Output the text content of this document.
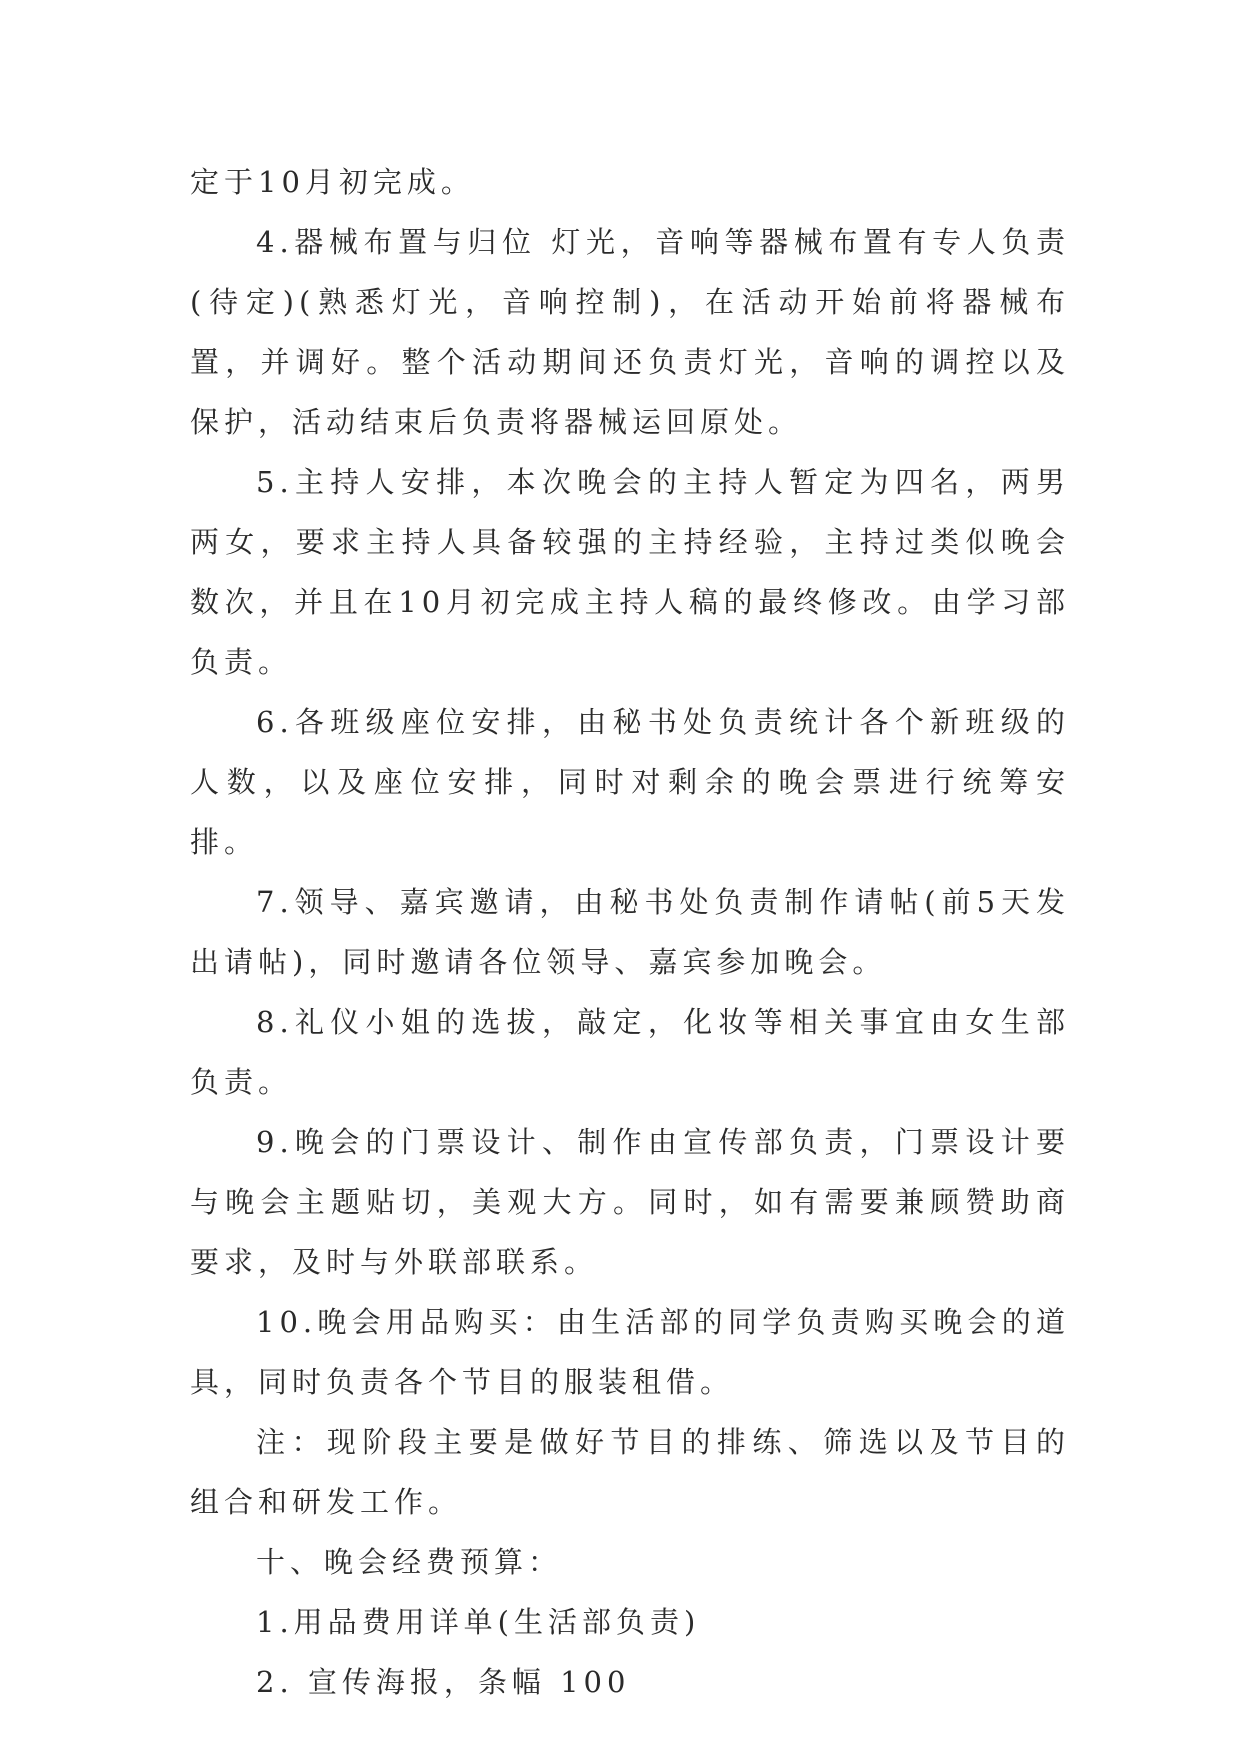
定于10月初完成。

4.器械布置与归位 灯光，音响等器械布置有专人负责(待定)(熟悉灯光，音响控制)，在活动开始前将器械布置，并调好。整个活动期间还负责灯光，音响的调控以及保护，活动结束后负责将器械运回原处。

5.主持人安排，本次晚会的主持人暂定为四名，两男两女，要求主持人具备较强的主持经验，主持过类似晚会数次，并且在10月初完成主持人稿的最终修改。由学习部负责。

6.各班级座位安排，由秘书处负责统计各个新班级的人数，以及座位安排，同时对剩余的晚会票进行统筹安排。

7.领导、嘉宾邀请，由秘书处负责制作请帖(前5天发出请帖)，同时邀请各位领导、嘉宾参加晚会。

8.礼仪小姐的选拔，敲定，化妆等相关事宜由女生部负责。

9.晚会的门票设计、制作由宣传部负责，门票设计要与晚会主题贴切，美观大方。同时，如有需要兼顾赞助商要求，及时与外联部联系。

10.晚会用品购买：由生活部的同学负责购买晚会的道具，同时负责各个节目的服装租借。

注：现阶段主要是做好节目的排练、筛选以及节目的组合和研发工作。

十、晚会经费预算：

1.用品费用详单(生活部负责)

2. 宣传海报，条幅 100
